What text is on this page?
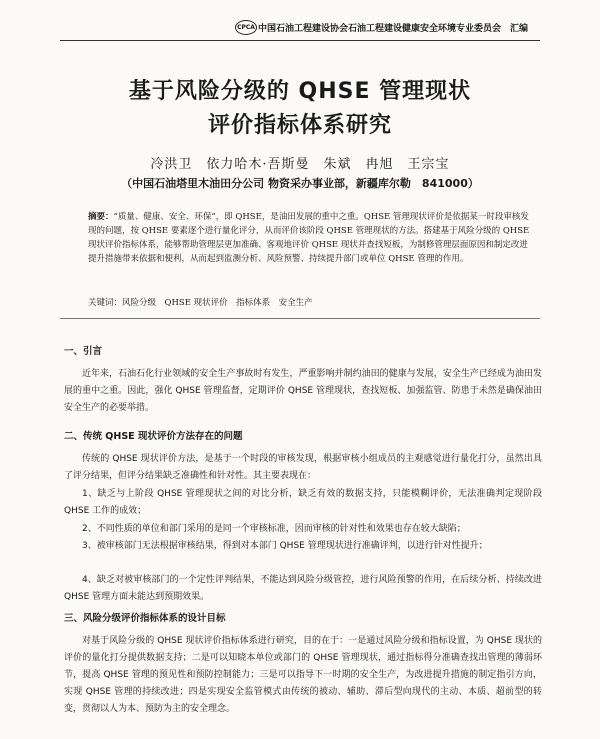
CPCA 中国石油工程建设协会石油工程建设健康安全环境专业委员会　汇编
基于风险分级的 QHSE 管理现状
评价指标体系研究
冷洪卫　依力哈木·吾斯曼　朱斌　冉旭　王宗宝
（中国石油塔里木油田分公司 物资采办事业部，新疆库尔勒　841000）
摘要：“质量、健康、安全、环保”，即 QHSE，是油田发展的重中之重。QHSE 管理现状评价是依据某一时段审核发现的问题，按 QHSE 要素逐个进行量化评分，从而评价该阶段 QHSE 管理现状的方法。搭建基于风险分级的 QHSE 现状评价指标体系，能够帮助管理层更加准确、客观地评价 QHSE 现状并查找短板，为制修管理层面原因和制定改进提升措施带来依据和便利，从而起到监测分析、风险预警、持续提升部门或单位 QHSE 管理的作用。
关键词：风险分级　QHSE 现状评价　指标体系　安全生产
一、引言
近年来，石油石化行业领域的安全生产事故时有发生，严重影响并制约油田的健康与发展，安全生产已经成为油田发展的重中之重。因此，强化 QHSE 管理监督，定期评价 QHSE 管理现状，查找短板、加强监管、防患于未然是确保油田安全生产的必要举措。
二、传统 QHSE 现状评价方法存在的问题
传统的 QHSE 现状评价方法，是基于一个时段的审核发现，根据审核小组成员的主观感觉进行量化打分，虽然出具了评分结果，但评分结果缺乏准确性和针对性。其主要表现在：
1、缺乏与上阶段 QHSE 管理现状之间的对比分析，缺乏有效的数据支持，只能模糊评价，无法准确判定现阶段 QHSE 工作的成效；
2、不同性质的单位和部门采用的是同一个审核标准，因而审核的针对性和效果也存在较大缺陷；
3、被审核部门无法根据审核结果，得到对本部门 QHSE 管理现状进行准确评判，以进行针对性提升；
4、缺乏对被审核部门的一个定性评判结果，不能达到风险分级管控，进行风险预警的作用，在后续分析、持续改进 QHSE 管理方面未能达到预期效果。
三、风险分级评价指标体系的设计目标
对基于风险分级的 QHSE 现状评价指标体系进行研究，目的在于：一是通过风险分级和指标设置，为 QHSE 现状的评价的量化打分提供数据支持；二是可以知晓本单位或部门的 QHSE 管理现状，通过指标得分准确查找出管理的薄弱环节，提高 QHSE 管理的预见性和预防控制能力；三是可以指导下一时期的安全生产，为改进提升措施的制定指引方向，实现 QHSE 管理的持续改进；四是实现安全监管模式由传统的被动、辅助、滞后型向现代的主动、本质、超前型的转变，贯彻以人为本、预防为主的安全理念。
